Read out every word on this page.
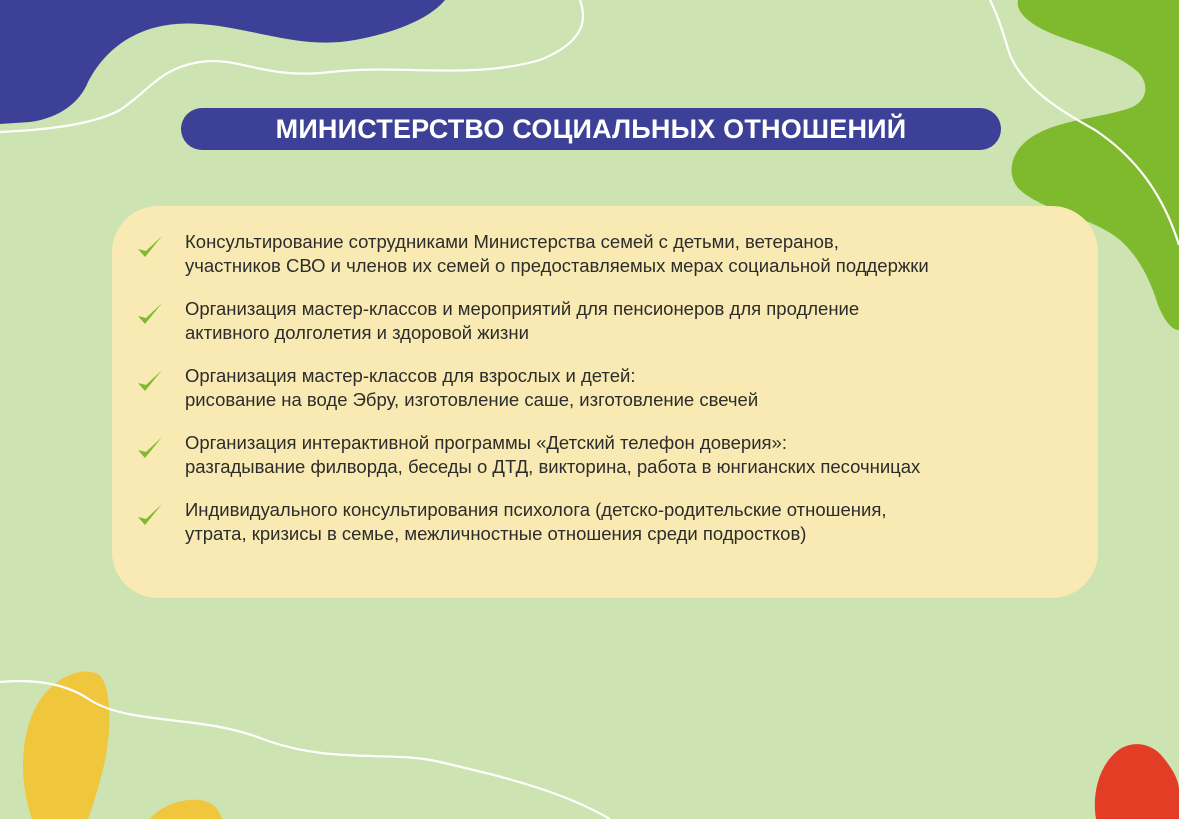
МИНИСТЕРСТВО СОЦИАЛЬНЫХ ОТНОШЕНИЙ
Консультирование сотрудниками Министерства семей с детьми, ветеранов,
участников СВО и членов их семей о предоставляемых мерах социальной поддержки
Организация мастер-классов и мероприятий для пенсионеров для продление
активного долголетия и здоровой жизни
Организация мастер-классов для взрослых и детей:
рисование на воде Эбру, изготовление саше, изготовление свечей
Организация интерактивной программы «Детский телефон доверия»:
разгадывание филворда, беседы о ДТД, викторина, работа в юнгианских песочницах
Индивидуального консультирования психолога (детско-родительские отношения,
утрата, кризисы в семье, межличностные отношения среди подростков)
